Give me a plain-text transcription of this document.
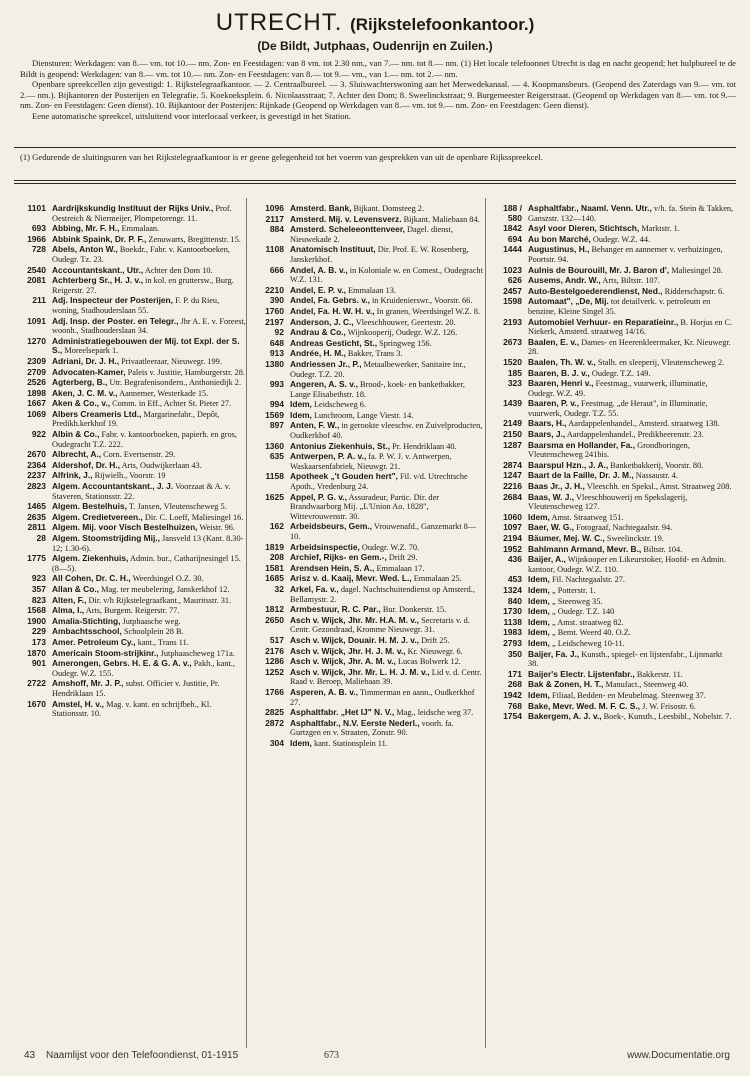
UTRECHT. (Rijkstelefoonkantoor.)
(De Bildt, Jutphaas, Oudenrijn en Zuilen.)

Diensturen: Werkdagen: van 8.— vm. tot 10.— nm. Zon- en Feestdagen: van 8 vm. tot 2.30 nm., van 7.— nm. tot 8.— nm. (1) Het locale telefoonnet Utrecht is dag en nacht geopend; het hulpbureel te de Bildt is geopend: Werkdagen: van 8.— vm. tot 10.— nm. Zon- en Feestdagen: van 8.— tot 9.— vm., van 1.— nm. tot 2.— nm.

Openbare spreekcellen zijn gevestigd: 1. Rijkstelegraafkantoor. — 2. Centraalbureel. — 3. Sluiswachterswoning aan het Merwedekanaal. — 4. Koopmansbeurs. (Geopend des Zaterdags van 9.— vm. tot 2.— nm.). Bijkantoren der Posterijen en Telegrafie. 5. Koekoeksplein. 6. Nicolaasstraat; 7. Achter den Dom; 8. Sweelinckstraat; 9. Burgemeester Reigerstraat. (Geopend op Werkdagen van 8.— vm. tot 9.— nm. Zon- en Feestdagen: Geen dienst). 10. Bijkantoor der Posterijen: Rijnkade (Geopend op Werkdagen van 8.— vm. tot 9.— nm. Zon- en Feestdagen: Geen dienst).

Eene automatische spreekcel, uitsluitend voor interlocaal verkeer, is gevestigd in het Station.

(1) Gedurende de sluitingsuren van het Rijkstelegraafkantoor is er geene gelegenheid tot het voeren van gesprekken van uit de openbare Rijksspreekcel.
1101 Aardrijkskundig Instituut der Rijks Univ., Prof. Oestreich & Niermeijer, Plompetorengr. 11.
693 Abbing, Mr. F. H., Emmalaan.
1966 Abbink Spaink, Dr. P. F., Zenuwarts, Bregittenstr. 15.
728 Abels, Anton W., Boekdr., Fabr. v. Kantoorboeken, Oudegr. Tz. 23.
2540 Accountantskant., Utr., Achter den Dom 10.
2081 Achterberg Sr., H. J. v., in kol. en gruttersw., Burg. Reigerstr. 27.
211 Adj. Inspecteur der Posterijen, F. P. du Rieu, woning, Stadhouderslaan 55.
1091 Adj. Insp. der Poster. en Telegr., Jhr A. E. v. Foreest, woonh., Stadhouderslaan 34.
1270 Administratiegebouwen der Mij. tot Expl. der S. S., Moreelsepark 1.
2309 Adriani, Dr. J. H., Privaatleeraar, Nieuwegr. 199.
2709 Advocaten-Kamer, Paleis v. Justitie, Hamburgerstr. 28.
2526 Agterberg, B., Utr. Begrafenisondern., Anthoniedijk 2.
1898 Aken, J. C. M. v., Aannemer, Westerkade 15.
1667 Aken & Co., v., Comm. in Eff., Achter St. Pieter 27.
1069 Albers Creameris Ltd., Margarinefabr., Depôt, Predikh.kerkhof 19.
922 Albin & Co., Fabr. v. kantoorboeken, papierh. en gros, Oudegracht T.Z. 222.
2670 Albrecht, A., Corn. Evertsenstr. 29.
2364 Aldershof, Dr. H., Arts, Oudwijkerlaan 43.
2237 Alfrink, J., Rijwielh., Voorstr. 19
2823 Algem. Accountantskant., J. J. Voorzaat & A. v. Staveren, Stationsstr. 22.
1465 Algem. Bestelhuis, T. Jansen, Vleutenscheweg 5.
2635 Algem. Credietvereen., Dir. C. Loeff, Maliesingel 16.
2811 Algem. Mij. voor Visch Bestelhuizen, Weistr. 96.
28 Algem. Stoomstrijding Mij., Jansveld 13 (Kant. 8.30-12; 1.30-6).
1775 Algem. Ziekenhuis, Admin. bur., Catharijnesingel 15. (8—5).
923 All Cohen, Dr. C. H., Weerdsingel O.Z. 30.
357 Allan & Co., Mag. ter meubelering, Janskerkhof 12.
823 Alten, F., Dir. v/h Rijkstelegraafkant., Mauritsstr. 31.
1568 Alma, I., Arts, Burgem. Reigerstr. 77.
1900 Amalia-Stichting, Jutphaasche weg.
229 Ambachtsschool, Schoolplein 28 B.
173 Amer. Petroleum Cy., kant., Trans 11.
1870 Americain Stoom-strijkinr., Jutphaascheweg 171a.
901 Amerongen, Gebrs. H. E. & G. A. v., Pakh., kant., Oudegr. W.Z. 155.
2722 Amshoff, Mr. J. P., subst. Officier v. Justitie, Pr. Hendriklaan 15.
1670 Amstel, H. v., Mag. v. kant. en schrijfbeh., Kl. Stationsstr. 10.
1096 Amsterd. Bank, Bijkant. Domsteeg 2.
2117 Amsterd. Mij. v. Levensverz. Bijkant. Maliebaan 84.
884 Amsterd. Scheleeonttenveer, Dagel. dienst, Nieuwekade 2.
1108 Anatomisch Instituut, Dir. Prof. E. W. Rosenberg, Janskerkhof.
666 Andel, A. B. v., in Koloniale w. en Comest., Oudegracht W.Z. 131.
2210 Andel, E. P. v., Emmalaan 13.
390 Andel, Fa. Gebrs. v., in Kruidenierswr., Voorstr. 66.
1760 Andel, Fa. H. W. H. v., In granen, Weerdsingel W.Z. 8.
2197 Anderson, J. C., Vleeschhouwer, Geertestr. 20.
92 Andrau & Co., Wijnkooperij, Oudegr. W.Z. 126.
648 Andreas Gesticht, St., Springweg 156.
913 Andrée, H. M., Bakker, Trans 3.
1380 Andriessen Jr., P., Metaalbewerker, Sanitaire inr., Oudegr. T.Z. 20.
993 Angeren, A. S. v., Brood-, koek- en banketbakker, Lange Elisabethstr. 18.
994 Idem, Leidscheweg 6.
1569 Idem, Lunchroom, Lange Viestr. 14.
897 Anten, F. W., in gerookte vleeschw. en Zuivelproducten, Oudkerkhof 40.
1360 Antonius Ziekenhuis, St., Pr. Hendriklaan 40.
635 Antwerpen, P. A. v., fa. P. W. J. v. Antwerpen, Waskaarsenfabriek, Nieuwgr. 21.
1158 Apotheek „'t Gouden hert", Fil. v/d. Utrechtsche Apoth., Vredenburg 24.
1625 Appel, P. G. v., Assuradeur, Partic. Dir. der Brandwaarborg Mij. „L'Union Ao. 1828", Wittevrouwenstr. 30.
162 Arbeidsbeurs, Gem., Vrouwenafd., Ganzemarkt 8—10.
1819 Arbeidsinspectie, Oudegr. W.Z. 70.
208 Archief, Rijks- en Gem.-, Drift 29.
1581 Arendsen Hein, S. A., Emmalaan 17.
1685 Arisz v. d. Kaaij, Mevr. Wed. L., Emmalaan 25.
32 Arkel, Fa. v., dagel. Nachtschuitendienst op Amsterd., Bellamystr. 2.
1812 Armbestuur, R. C. Par., Bur. Donkerstr. 15.
2650 Asch v. Wijck, Jhr. Mr. H.A. M. v., Secretaris v. d. Centr. Gezondraad, Kromme Nieuwegr. 31.
517 Asch v. Wijck, Douair. H. M. J. v., Drift 25.
2176 Asch v. Wijck, Jhr. H. J. M. v., Kr. Nieuwegr. 6.
1286 Asch v. Wijck, Jhr. A. M. v., Lucas Bolwerk 12.
1252 Asch v. Wijck, Jhr. Mr. L. H. J. M. v., Lid v. d. Centr. Raad v. Beroep, Maliebaan 39.
1766 Asperen, A. B. v., Timmerman en aann., Oudkerkhof 27.
2825 Asphaltfabr. „Het IJ" N. V., Mag., leidsche weg 37.
2872 Asphaltfabr., N.V. Eerste Nederl., voorh. fa. Gurtzgen en v. Straaten, Zonstr. 90.
304 Idem, kant. Stationsplein 11.
188 / 580
Asphaltfabr., Naaml. Venn. Utr., v/h. fa. Stein & Takken, Ganszstr. 132—140.
1842 Asyl voor Dieren, Stichtsch, Marktstr. 1.
694 Au bon Marché, Oudegr. W.Z. 44.
1444 Augustinus, H., Behanger en aannemer v. verhuizingen, Poortstr. 94.
1023 Aulnis de Bourouill, Mr. J. Baron d', Maliesingel 28.
626 Ausems, Andr. W., Arts, Biltstr. 107.
2457 Auto-Bestelgoederendienst, Ned., Ridderschapstr. 6.
1598 Automaat", „De, Mij. tot detailverk. v. petroleum en benzine, Kleine Singel 35.
2193 Automobiel Verhuur- en Reparatieinr., B. Horjus en C. Niekerk, Amsterd. straatweg 14/16.
2673 Baalen, E. v., Dames- en Heerenkleermaker, Kr. Nieuwegr. 28.
1520 Baalen, Th. W. v., Stalh. en sleeperij, Vleutenscheweg 2.
185 Baaren, B. J. v., Oudegr. T.Z. 149.
323 Baaren, Henri v., Feestmag., vuurwerk, illuminatie, Oudegr. W.Z. 49.
1439 Baaren, P. v., Feestmag. „de Heraut", in Illuminatie, vuurwerk, Oudegr. T.Z. 55.
2149 Baars, H., Aardappelenhandel., Amsterd. straatweg 138.
2150 Baars, J., Aardappelenhandel., Predikheerenstr. 23.
1287 Baarsma en Hollander, Fa., Grondboringen, Vleutenscheweg 241bis.
2874 Baarspul Hzn., J. A., Banketbakkerij, Voorstr. 80.
1247 Baart de la Faille, Dr. J. M., Nassaustr. 4.
2216 Baas Jr., J. H., Vleeschh. en Speksl., Amst. Straatweg 208.
2684 Baas, W. J., Vleeschhouwerij en Spekslagerij, Vleutenscheweg 127.
1060 Idem, Amst. Straatweg 151.
1097 Baer, W. G., Fotograaf, Nachtegaalstr. 94.
2194 Bäumer, Mej. W. C., Sweelinckstr. 19.
1952 Bahlmann Armand, Mevr. B., Biltstr. 104.
436 Baijer, A., Wijnkooper en Likeurstoker, Hoofd- en Admin. kantoor, Oudegr. W.Z. 110.
453 Idem, Fil. Nachtegaalstr. 27.
1324 Idem, „ Potterstr. 1.
840 Idem, „ Steenweg 35.
1730 Idem, „ Oudegr. T.Z. 140
1138 Idem, „ Amst. straatweg 82.
1983 Idem, „ Bemt. Weerd 40. O.Z.
2793 Idem, „ Leidscheweg 10-11.
350 Baijer, Fa. J., Kunsth., spiegel- en lijstenfabr., Lijnmarkt 38.
171 Baijer's Electr. Lijstenfabr., Bakkerstr. 11.
268 Bak & Zonen, H. T., Manufact., Steenweg 40.
1942 Idem, Filiaal, Bedden- en Meubelmag. Steenweg 37.
768 Bake, Mevr. Wed. M. F. C. S., J. W. Frisostr. 6.
1754 Bakergem, A. J. v., Boek-, Kunsth., Leesbibl., Nobelstr. 7.
43 Naamlijst voor den Telefoondienst, 01-1915	673	www.Documentatie.org
